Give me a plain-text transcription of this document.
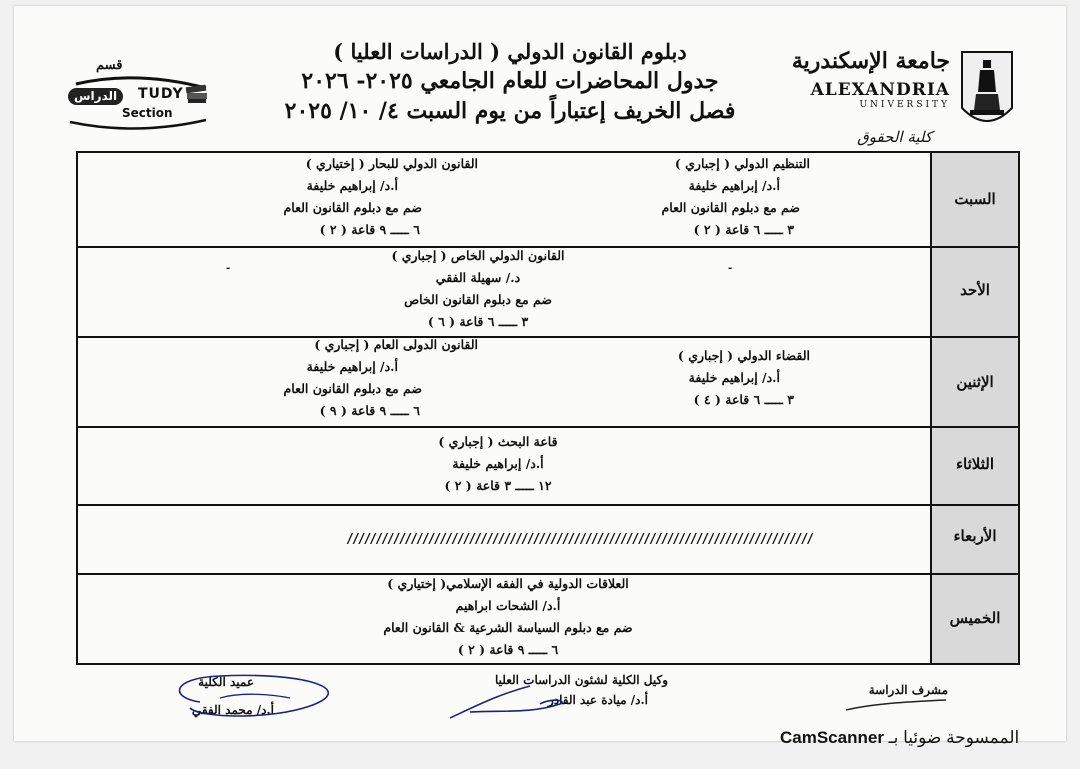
قسم
الدراس	TUDY
Section
دبلوم القانون الدولي ( الدراسات العليا )
جدول المحاضرات للعام الجامعي ٢٠٢٥- ٢٠٢٦
فصل الخريف إعتباراً من يوم السبت ٤/ ١٠/ ٢٠٢٥
جامعة الإسكندرية
ALEXANDRIA
UNIVERSITY
كلية الحقوق
السبت
الأحد
الإثنين
الثلاثاء
الأربعاء
الخميس
التنظيم الدولي ( إجباري )
أ.د/ إبراهيم خليفة
ضم مع دبلوم القانون العام
٣ ـــــ ٦ قاعة ( ٢ )
القانون الدولي للبحار ( إختياري )
أ.د/ إبراهيم خليفة
ضم مع دبلوم القانون العام
٦ ـــــ ٩ قاعة ( ٢ )
القانون الدولي الخاص ( إجباري )
د./ سهيلة الفقي
ضم مع دبلوم القانون الخاص
٣ ـــــ ٦ قاعة ( ٦ )
-	-
القضاء الدولي ( إجباري )
أ.د/ إبراهيم خليفة
٣ ـــــ ٦ قاعة ( ٤ )
القانون الدولى العام ( إجباري )
أ.د/ إبراهيم خليفة
ضم مع دبلوم القانون العام
٦ ـــــ ٩ قاعة ( ٩ )
قاعة البحث ( إجباري )
أ.د/ إبراهيم خليفة
١٢ ـــــ ٣ قاعة ( ٢ )
////////////////////////////////////////////////////////////////////////////////
العلاقات الدولية في الفقه الإسلامي( إختياري )
أ.د/ الشحات ابراهيم
ضم مع دبلوم السياسة الشرعية & القانون العام
٦ ـــــ ٩ قاعة ( ٢ )
عميد الكلية
أ.د/ محمد الفقي
وكيل الكلية لشئون الدراسات العليا
أ.د/ ميادة عبد القادر
مشرف الدراسة
الممسوحة ضوئيا بـ CamScanner
